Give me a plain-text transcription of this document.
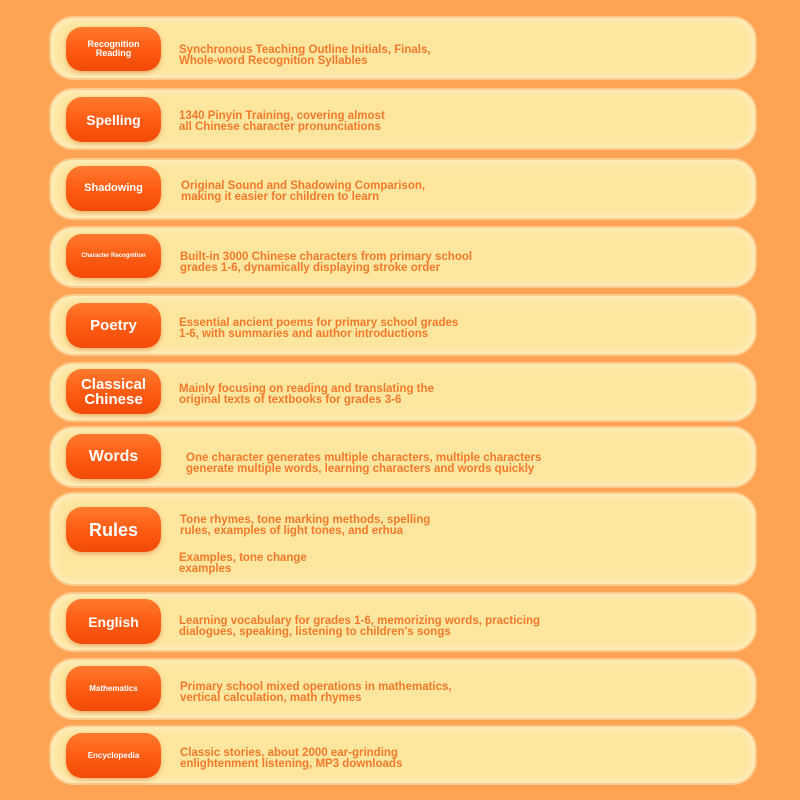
Recognition
Reading	Synchronous Teaching Outline Initials, Finals,
Whole-word Recognition Syllables
Spelling	1340 Pinyin Training, covering almost
all Chinese character pronunciations
Shadowing	Original Sound and Shadowing Comparison,
making it easier for children to learn
Character Recognition	Built-in 3000 Chinese characters from primary school
grades 1-6, dynamically displaying stroke order
Poetry	Essential ancient poems for primary school grades
1-6, with summaries and author introductions
Classical
Chinese
Mainly focusing on reading and translating the
original texts of textbooks for grades 3-6
Words	One character generates multiple characters, multiple characters
generate multiple words, learning characters and words quickly
Rules	Tone rhymes, tone marking methods, spelling
rules, examples of light tones, and erhua
Examples, tone change
examples
English	Learning vocabulary for grades 1-6, memorizing words, practicing
dialogues, speaking, listening to children's songs
Mathematics	Primary school mixed operations in mathematics,
vertical calculation, math rhymes
Encyclopedia	Classic stories, about 2000 ear-grinding
enlightenment listening, MP3 downloads
